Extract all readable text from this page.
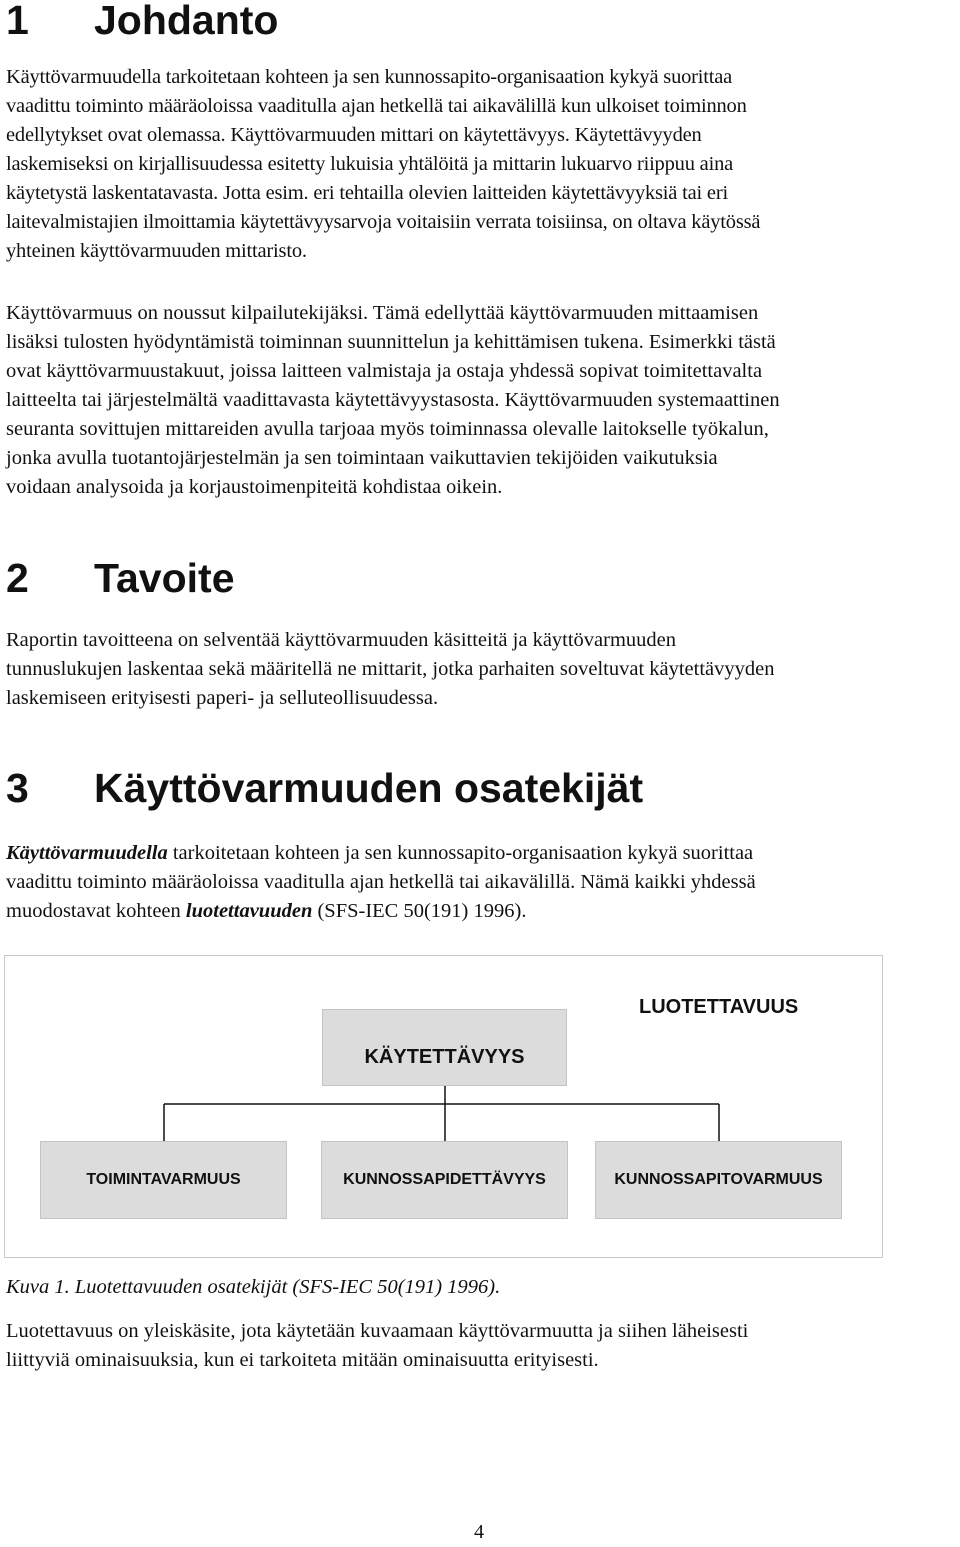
1 Johdanto

Käyttövarmuudella tarkoitetaan kohteen ja sen kunnossapito-organisaation kykyä suorittaa
vaadittu toiminto määräoloissa vaaditulla ajan hetkellä tai aikavälillä kun ulkoiset toiminnon
edellytykset ovat olemassa. Käyttövarmuuden mittari on käytettävyys. Käytettävyyden
laskemiseksi on kirjallisuudessa esitetty lukuisia yhtälöitä ja mittarin lukuarvo riippuu aina
käytetystä laskentatavasta. Jotta esim. eri tehtailla olevien laitteiden käytettävyyksiä tai eri
laitevalmistajien ilmoittamia käytettävyysarvoja voitaisiin verrata toisiinsa, on oltava käytössä
yhteinen käyttövarmuuden mittaristo.

Käyttövarmuus on noussut kilpailutekijäksi. Tämä edellyttää käyttövarmuuden mittaamisen
lisäksi tulosten hyödyntämistä toiminnan suunnittelun ja kehittämisen tukena. Esimerkki tästä
ovat käyttövarmuustakuut, joissa laitteen valmistaja ja ostaja yhdessä sopivat toimitettavalta
laitteelta tai järjestelmältä vaadittavasta käytettävyystasosta. Käyttövarmuuden systemaattinen
seuranta sovittujen mittareiden avulla tarjoaa myös toiminnassa olevalle laitokselle työkalun,
jonka avulla tuotantojärjestelmän ja sen toimintaan vaikuttavien tekijöiden vaikutuksia
voidaan analysoida ja korjaustoimenpiteitä kohdistaa oikein.

2 Tavoite

Raportin tavoitteena on selventää käyttövarmuuden käsitteitä ja käyttövarmuuden
tunnuslukujen laskentaa sekä määritellä ne mittarit, jotka parhaiten soveltuvat käytettävyyden
laskemiseen erityisesti paperi- ja selluteollisuudessa.

3 Käyttövarmuuden osatekijät

Käyttövarmuudella tarkoitetaan kohteen ja sen kunnossapito-organisaation kykyä suorittaa
vaadittu toiminto määräoloissa vaaditulla ajan hetkellä tai aikavälillä. Nämä kaikki yhdessä
muodostavat kohteen luotettavuuden (SFS-IEC 50(191) 1996).

LUOTETTAVUUS
KÄYTETTÄVYYS
TOIMINTAVARMUUS	KUNNOSSAPIDETTÄVYYS	KUNNOSSAPITOVARMUUS

Kuva 1. Luotettavuuden osatekijät (SFS-IEC 50(191) 1996).

Luotettavuus on yleiskäsite, jota käytetään kuvaamaan käyttövarmuutta ja siihen läheisesti
liittyviä ominaisuuksia, kun ei tarkoiteta mitään ominaisuutta erityisesti.

4
